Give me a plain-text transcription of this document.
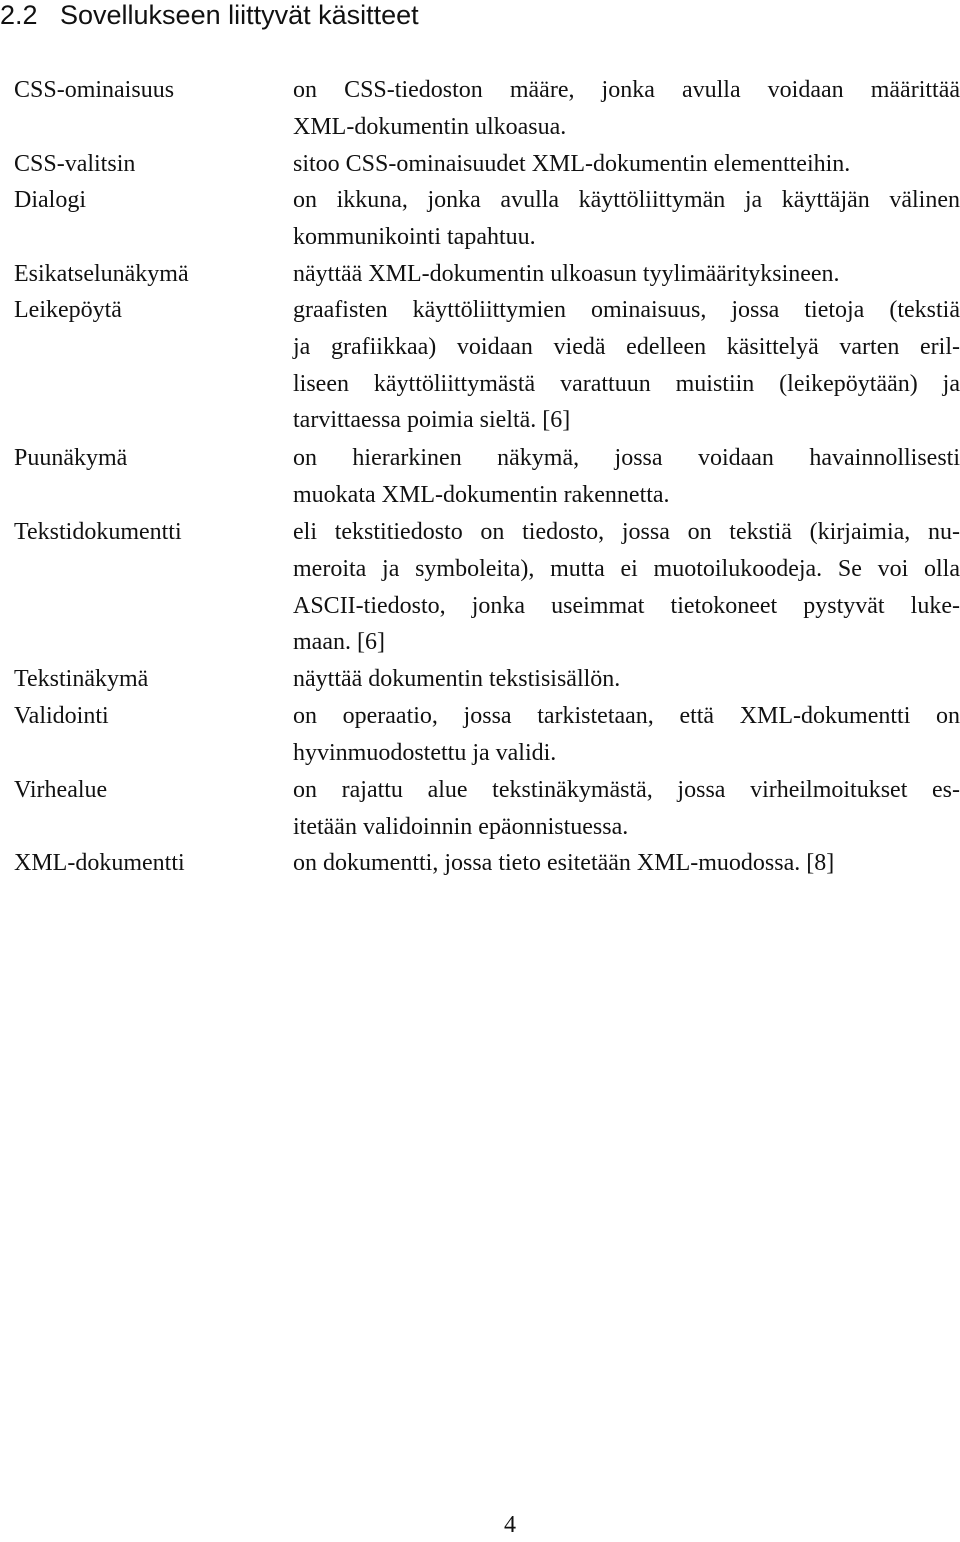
2.2 Sovellukseen liittyvät käsitteet
CSS-ominaisuus	on CSS-tiedoston määre, jonka avulla voidaan määrittää
XML-dokumentin ulkoasua.
CSS-valitsin	sitoo CSS-ominaisuudet XML-dokumentin elementteihin.
Dialogi	on ikkuna, jonka avulla käyttöliittymän ja käyttäjän välinen
kommunikointi tapahtuu.
Esikatselunäkymä	näyttää XML-dokumentin ulkoasun tyylimäärityksineen.
Leikepöytä	graafisten käyttöliittymien ominaisuus, jossa tietoja (tekstiä
ja grafiikkaa) voidaan viedä edelleen käsittelyä varten eril-
liseen käyttöliittymästä varattuun muistiin (leikepöytään) ja
tarvittaessa poimia sieltä. [6]
Puunäkymä	on hierarkinen näkymä, jossa voidaan havainnollisesti
muokata XML-dokumentin rakennetta.
Tekstidokumentti	eli tekstitiedosto on tiedosto, jossa on tekstiä (kirjaimia, nu-
meroita ja symboleita), mutta ei muotoilukoodeja. Se voi olla
ASCII-tiedosto, jonka useimmat tietokoneet pystyvät luke-
maan. [6]
Tekstinäkymä	näyttää dokumentin tekstisisällön.
Validointi	on operaatio, jossa tarkistetaan, että XML-dokumentti on
hyvinmuodostettu ja validi.
Virhealue	on rajattu alue tekstinäkymästä, jossa virheilmoitukset es-
itetään validoinnin epäonnistuessa.
XML-dokumentti	on dokumentti, jossa tieto esitetään XML-muodossa. [8]
4
